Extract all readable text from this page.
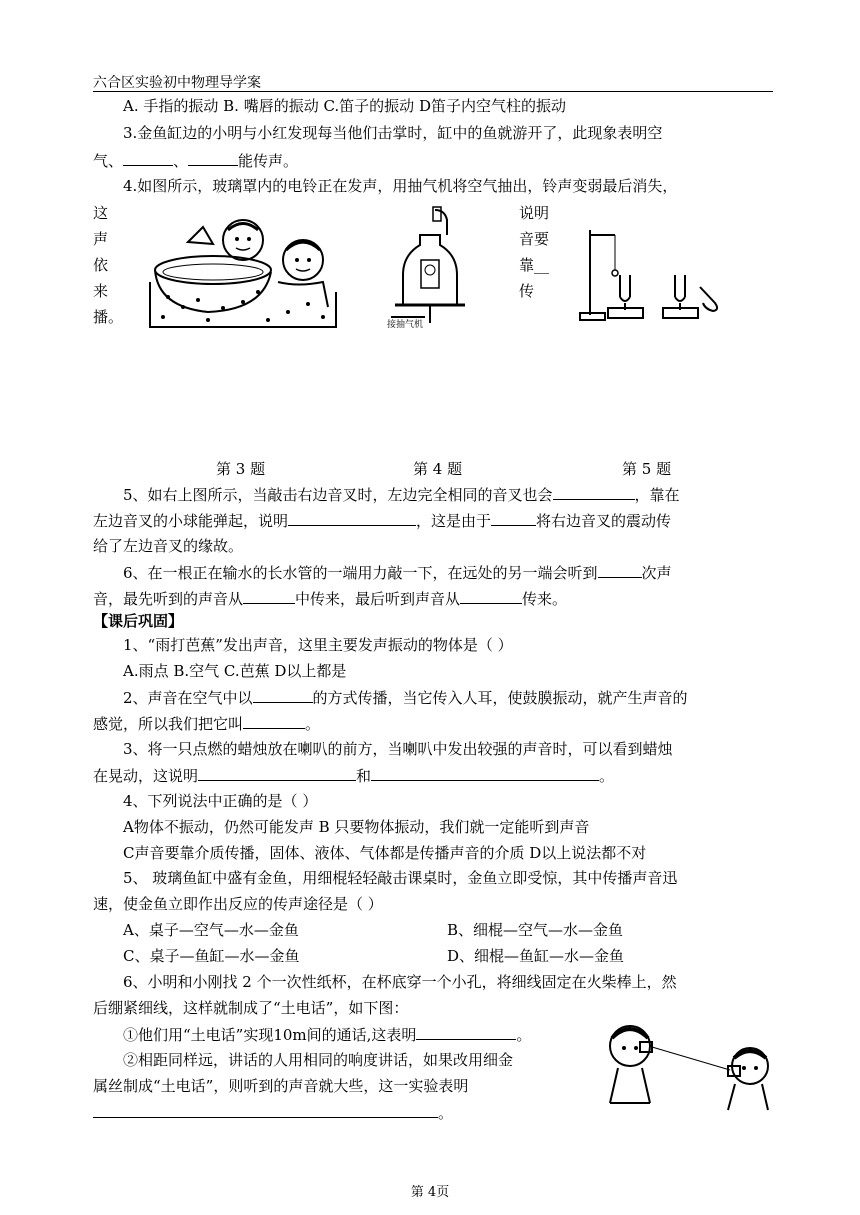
六合区实验初中物理导学案
A. 手指的振动 B. 嘴唇的振动 C.笛子的振动 D笛子内空气柱的振动
3.金鱼缸边的小明与小红发现每当他们击掌时，缸中的鱼就游开了，此现象表明空
气、	、	能传声。
4.如图所示，玻璃罩内的电铃正在发声，用抽气机将空气抽出，铃声变弱最后消失，
这
声
依
来
播。	接抽气机
说明
音要
靠__
传
第 3 题	第 4 题	第 5 题
5、如右上图所示，当敲击右边音叉时，左边完全相同的音叉也会	，靠在
左边音叉的小球能弹起，说明	，这是由于	将右边音叉的震动传
给了左边音叉的缘故。
6、在一根正在输水的长水管的一端用力敲一下，在远处的另一端会听到	次声
音，最先听到的声音从	中传来，最后听到声音从	传来。
【课后巩固】
1、“雨打芭蕉”发出声音，这里主要发声振动的物体是（ ）
A.雨点 B.空气 C.芭蕉 D以上都是
2、声音在空气中以	的方式传播，当它传入人耳，使鼓膜振动，就产生声音的
感觉，所以我们把它叫	。
3、将一只点燃的蜡烛放在喇叭的前方，当喇叭中发出较强的声音时，可以看到蜡烛
在晃动，这说明	和	。
4、下列说法中正确的是（ ）
A物体不振动，仍然可能发声 B 只要物体振动，我们就一定能听到声音
C声音要靠介质传播，固体、液体、气体都是传播声音的介质 D以上说法都不对
5、 玻璃鱼缸中盛有金鱼，用细棍轻轻敲击课桌时，金鱼立即受惊，其中传播声音迅
速，使金鱼立即作出反应的传声途径是（ ）
A、桌子—空气—水—金鱼	B、细棍—空气—水—金鱼
C、桌子—鱼缸—水—金鱼	D、细棍—鱼缸—水—金鱼
6、小明和小刚找 2 个一次性纸杯，在杯底穿一个小孔，将细线固定在火柴棒上，然
后绷紧细线，这样就制成了“土电话”，如下图：
①他们用“土电话”实现10m间的通话,这表明	。
②相距同样远，讲话的人用相同的响度讲话，如果改用细金
属丝制成“土电话”，则听到的声音就大些，这一实验表明
。
第 4页
